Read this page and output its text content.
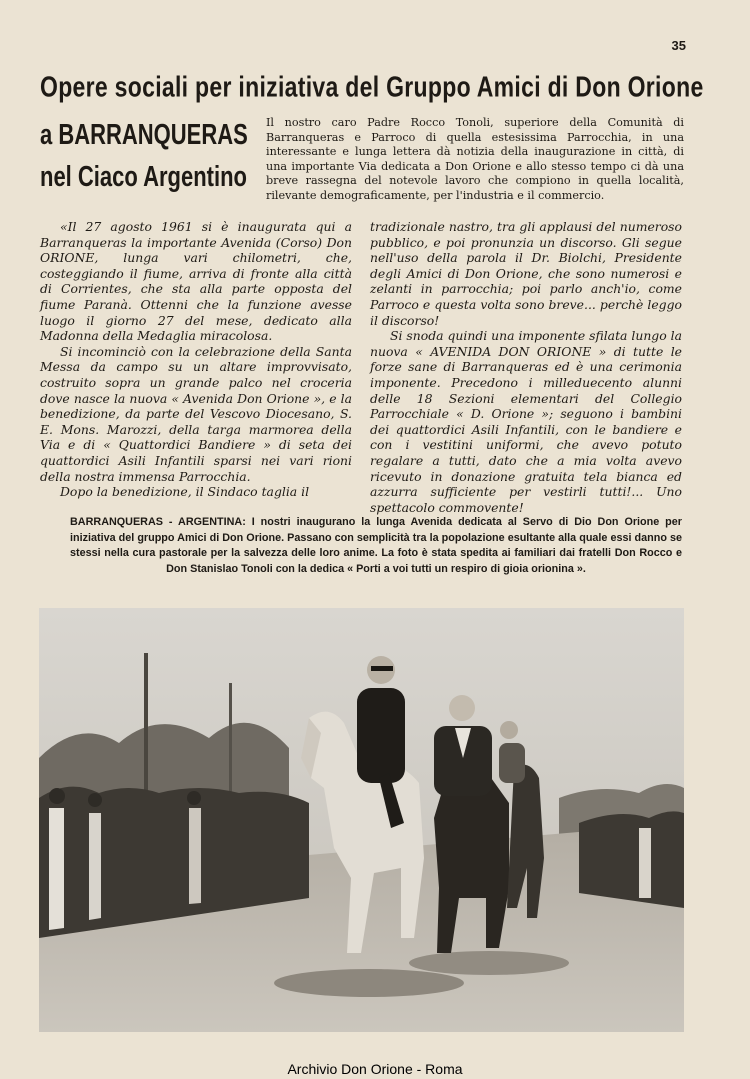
35
Opere sociali per iniziativa del Gruppo Amici di Don Orione
a BARRANQUERAS
nel Ciaco Argentino
Il nostro caro Padre Rocco Tonoli, superiore della Comunità di Barranqueras e Parroco di quella estesissima Parrocchia, in una interessante e lunga lettera dà notizia della inaugurazione in città, di una importante Via dedicata a Don Orione e allo stesso tempo ci dà una breve rassegna del notevole lavoro che compiono in quella località, rilevante demograficamente, per l'industria e il commercio.

«Il 27 agosto 1961 si è inaugurata qui a Barranqueras la importante Avenida (Corso) Don ORIONE, lunga vari chilometri, che, costeggiando il fiume, arriva di fronte alla città di Corrientes, che sta alla parte opposta del fiume Paranà. Ottenni che la funzione avesse luogo il giorno 27 del mese, dedicato alla Madonna della Medaglia miracolosa.

Si incominciò con la celebrazione della Santa Messa da campo su un altare improvvisato, costruito sopra un grande palco nel croceria dove nasce la nuova « Avenida Don Orione », e la benedizione, da parte del Vescovo Diocesano, S. E. Mons. Marozzi, della targa marmorea della Via e di « Quattordici Bandiere » di seta dei quattordici Asili Infantili sparsi nei vari rioni della nostra immensa Parrocchia.

Dopo la benedizione, il Sindaco taglia il

tradizionale nastro, tra gli applausi del numeroso pubblico, e poi pronunzia un discorso. Gli segue nell'uso della parola il Dr. Biolchi, Presidente degli Amici di Don Orione, che sono numerosi e zelanti in parrocchia; poi parlo anch'io, come Parroco e questa volta sono breve... perchè leggo il discorso!

Si snoda quindi una imponente sfilata lungo la nuova « AVENIDA DON ORIONE » di tutte le forze sane di Barranqueras ed è una cerimonia imponente. Precedono i milleduecento alunni delle 18 Sezioni elementari del Collegio Parrocchiale « D. Orione »; seguono i bambini dei quattordici Asili Infantili, con le bandiere e con i vestitini uniformi, che avevo potuto regalare a tutti, dato che a mia volta avevo ricevuto in donazione gratuita tela bianca ed azzurra sufficiente per vestirli tutti!... Uno spettacolo commovente!

BARRANQUERAS - ARGENTINA: I nostri inaugurano la lunga Avenida dedicata al Servo di Dio Don Orione per iniziativa del gruppo Amici di Don Orione. Passano con semplicità tra la popolazione esultante alla quale essi danno se stessi nella cura pastorale per la salvezza delle loro anime. La foto è stata spedita ai familiari dai fratelli Don Rocco e Don Stanislao Tonoli con la dedica « Porti a voi tutti un respiro di gioia orionina ».
Archivio Don Orione - Roma
